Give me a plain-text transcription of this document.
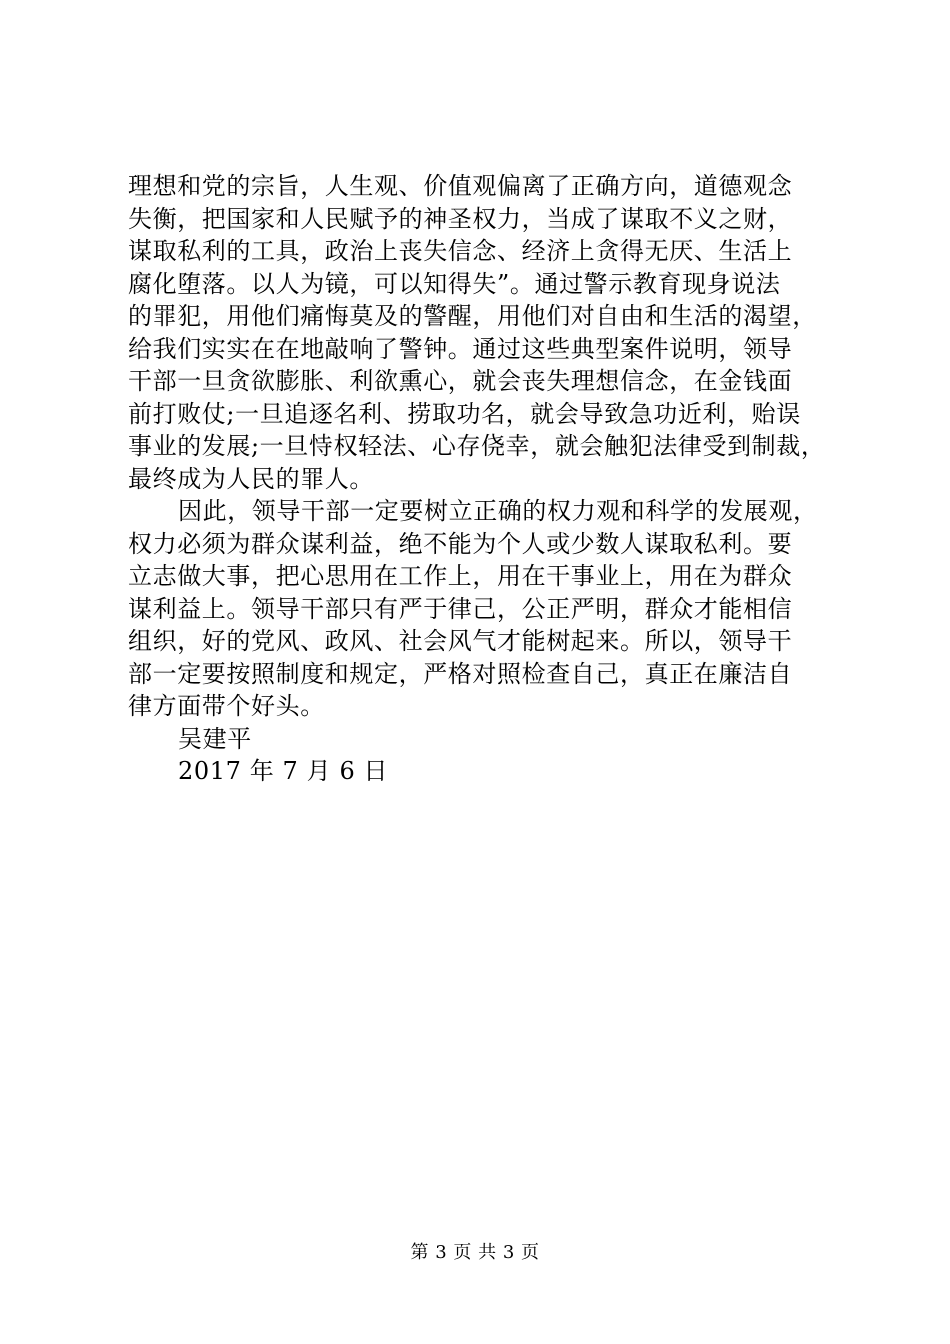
理想和党的宗旨，人生观、价值观偏离了正确方向，道德观念
失衡，把国家和人民赋予的神圣权力，当成了谋取不义之财，
谋取私利的工具，政治上丧失信念、经济上贪得无厌、生活上
腐化堕落。以人为镜，可以知得失”。通过警示教育现身说法
的罪犯，用他们痛悔莫及的警醒，用他们对自由和生活的渴望，
给我们实实在在地敲响了警钟。通过这些典型案件说明，领导
干部一旦贪欲膨胀、利欲熏心，就会丧失理想信念，在金钱面
前打败仗;一旦追逐名利、捞取功名，就会导致急功近利，贻误
事业的发展;一旦恃权轻法、心存侥幸，就会触犯法律受到制裁，
最终成为人民的罪人。
因此，领导干部一定要树立正确的权力观和科学的发展观，
权力必须为群众谋利益，绝不能为个人或少数人谋取私利。要
立志做大事，把心思用在工作上，用在干事业上，用在为群众
谋利益上。领导干部只有严于律己，公正严明，群众才能相信
组织，好的党风、政风、社会风气才能树起来。所以，领导干
部一定要按照制度和规定，严格对照检查自己，真正在廉洁自
律方面带个好头。
吴建平
2017 年 7 月 6 日
第 3 页 共 3 页
